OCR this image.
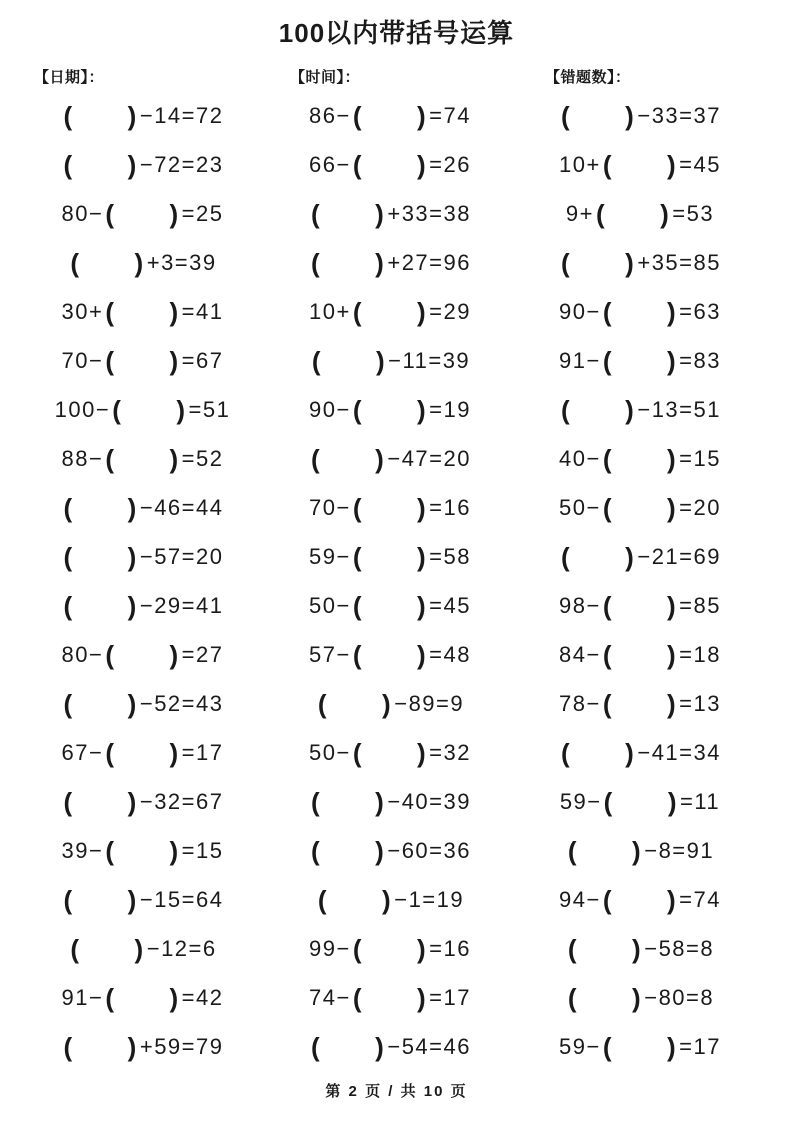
100以内带括号运算
【日期】：	【时间】：	【错题数】：
( )−14=72	86−( )=74	( )−33=37
( )−72=23	66−( )=26	10+( )=45
80−( )=25	( )+33=38	9+( )=53
( )+3=39	( )+27=96	( )+35=85
30+( )=41	10+( )=29	90−( )=63
70−( )=67	( )−11=39	91−( )=83
100−( )=51	90−( )=19	( )−13=51
88−( )=52	( )−47=20	40−( )=15
( )−46=44	70−( )=16	50−( )=20
( )−57=20	59−( )=58	( )−21=69
( )−29=41	50−( )=45	98−( )=85
80−( )=27	57−( )=48	84−( )=18
( )−52=43	( )−89=9	78−( )=13
67−( )=17	50−( )=32	( )−41=34
( )−32=67	( )−40=39	59−( )=11
39−( )=15	( )−60=36	( )−8=91
( )−15=64	( )−1=19	94−( )=74
( )−12=6	99−( )=16	( )−58=8
91−( )=42	74−( )=17	( )−80=8
( )+59=79	( )−54=46	59−( )=17
第 2 页 / 共 10 页
